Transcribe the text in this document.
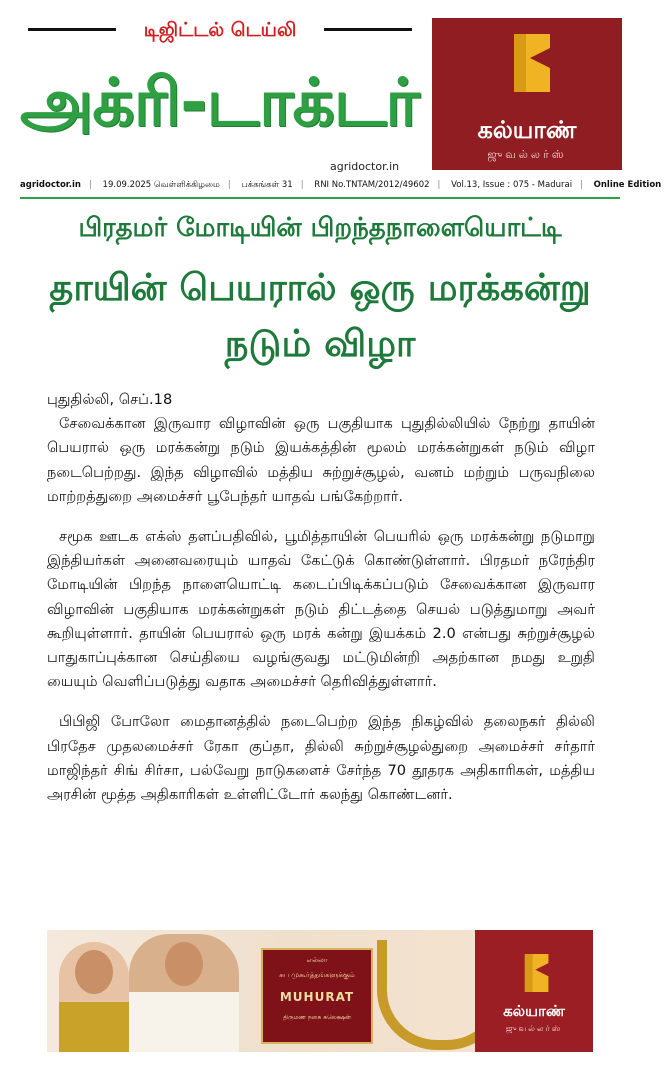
டிஜிட்டல் டெய்லி
அக்ரி-டாக்டர்
agridoctor.in
agridoctor.in | 19.09.2025 வெள்ளிக்கிழமை | பக்கங்கள் 31 | RNI No.TNTAM/2012/49602 | Vol.13, Issue : 075 - Madurai | Online Edition
கல்யாண்
ஜுவல்லர்ஸ்
பிரதமர் மோடியின் பிறந்தநாளையொட்டி
தாயின் பெயரால் ஒரு மரக்கன்று நடும் விழா

புதுதில்லி, செப்.18

சேவைக்கான இருவார விழாவின் ஒரு பகுதியாக புதுதில்லியில் நேற்று தாயின் பெயரால் ஒரு மரக்கன்று நடும் இயக்கத்தின் மூலம் மரக்கன்றுகள் நடும் விழா நடைபெற்றது. இந்த விழாவில் மத்திய சுற்றுச்சூழல், வனம் மற்றும் பருவநிலை மாற்றத்துறை அமைச்சர் பூபேந்தர் யாதவ் பங்கேற்றார்.

சமூக ஊடக எக்ஸ் தளப்பதிவில், பூமித்தாயின் பெயரில் ஒரு மரக்கன்று நடுமாறு இந்தியர்கள் அனைவரையும் யாதவ் கேட்டுக் கொண்டுள்ளார். பிரதமர் நரேந்திர மோடியின் பிறந்த நாளையொட்டி கடைப்பிடிக்கப்படும் சேவைக்கான இருவார விழாவின் பகுதியாக மரக்கன்றுகள் நடும் திட்டத்தை செயல் படுத்துமாறு அவர் கூறியுள்ளார். தாயின் பெயரால் ஒரு மரக் கன்று இயக்கம் 2.0 என்பது சுற்றுச்சூழல் பாதுகாப்புக்கான செய்தியை வழங்குவது மட்டுமின்றி அதற்கான நமது உறுதி யையும் வெளிப்படுத்து வதாக அமைச்சர் தெரிவித்துள்ளார்.

பிபிஜி போலோ மைதானத்தில் நடைபெற்ற இந்த நிகழ்வில் தலைநகர் தில்லி பிரதேச முதலமைச்சர் ரேகா குப்தா, தில்லி சுற்றுச்சூழல்துறை அமைச்சர் சர்தார் மாஜிந்தர் சிங் சிர்சா, பல்வேறு நாடுகளைச் சேர்ந்த 70 தூதரக அதிகாரிகள், மத்திய அரசின் மூத்த அதிகாரிகள் உள்ளிட்டோர் கலந்து கொண்டனர்.

எல்லா
சுப முகூர்த்தங்களுக்கும்
MUHURAT
திருமண நகை கலெக்ஷன்	கல்யாண்
ஜுவல்லர்ஸ்
